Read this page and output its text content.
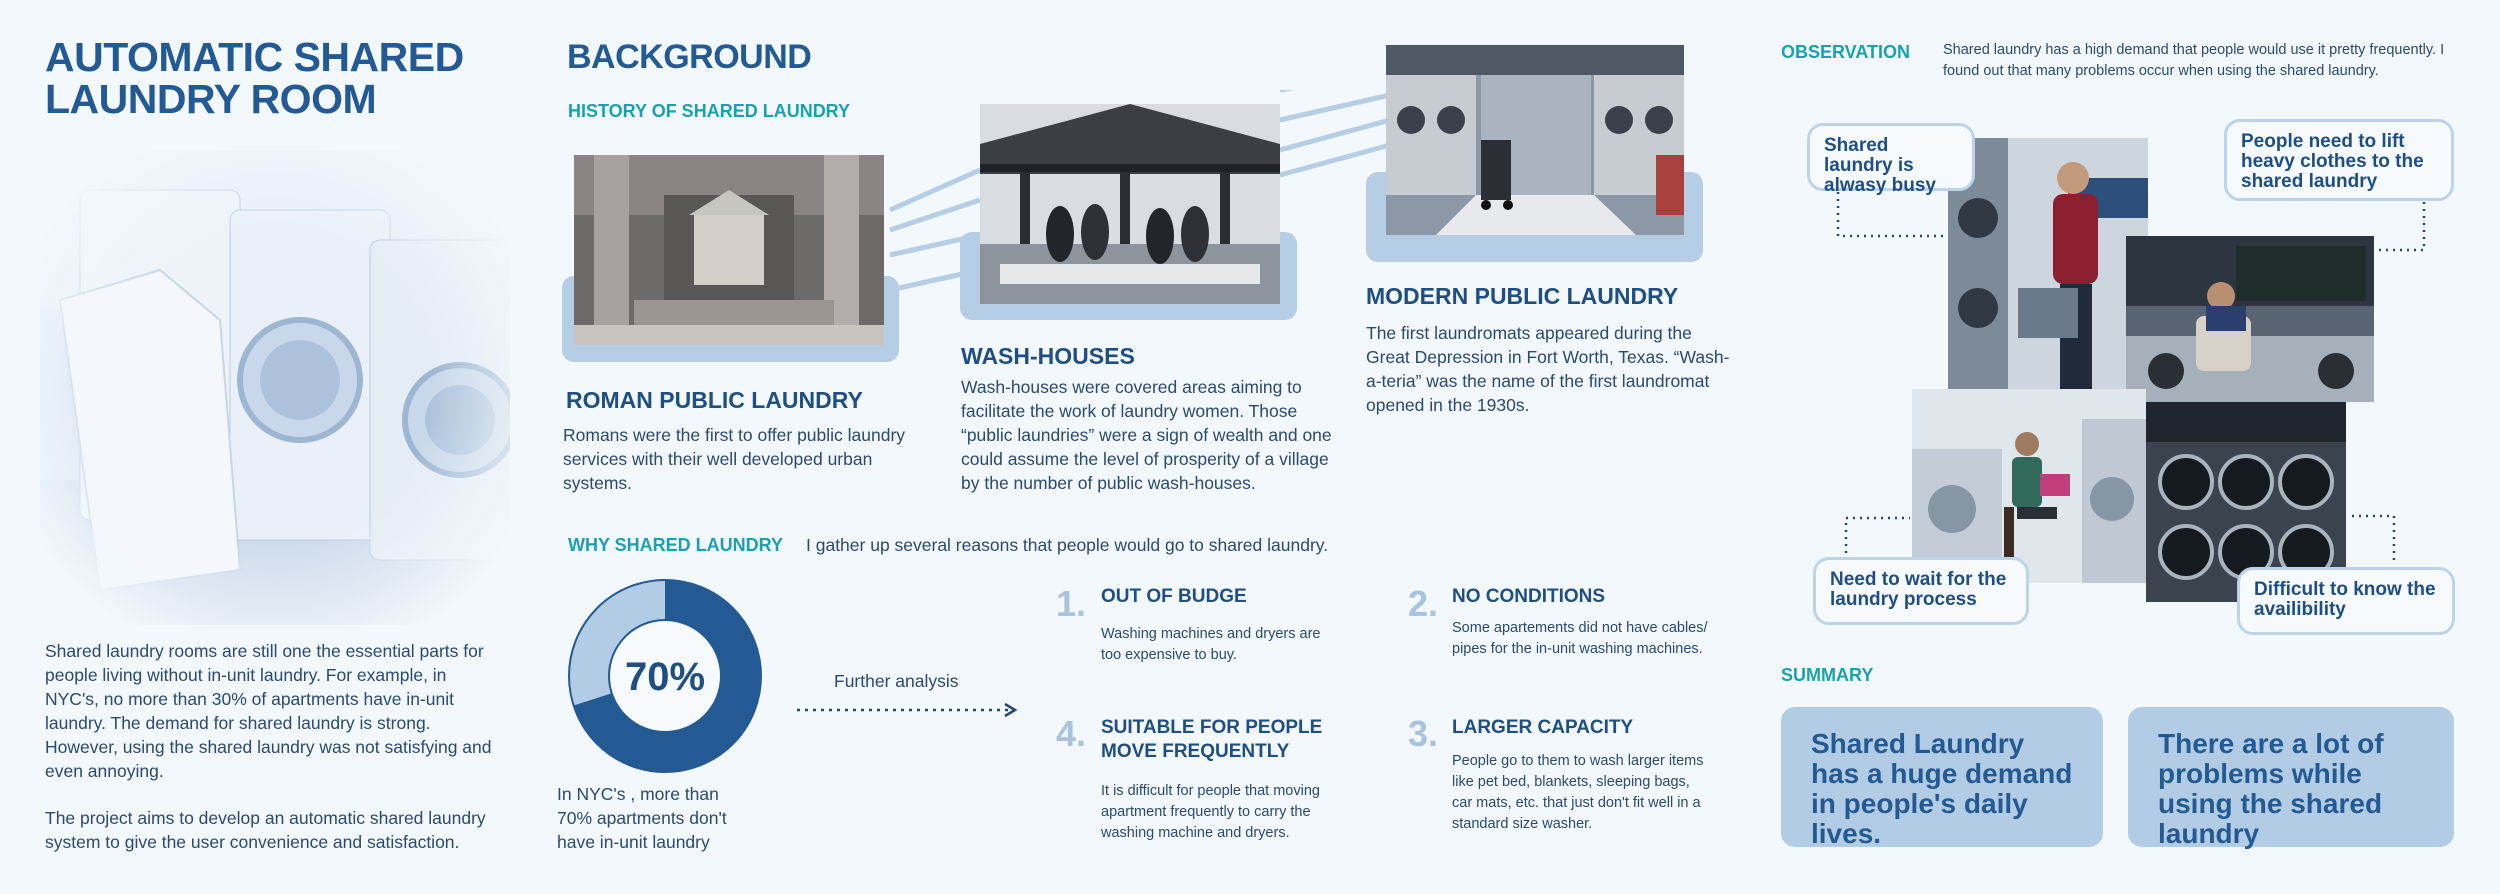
AUTOMATIC SHARED
LAUNDRY ROOM
Shared laundry rooms are still one the essential parts for people living without in-unit laundry. For example, in NYC's, no more than 30% of apartments have in-unit laundry. The demand for shared laundry is strong. However, using the shared laundry was not satisfying and even annoying.
The project aims to develop an automatic shared laundry system to give the user convenience and satisfaction.
BACKGROUND
HISTORY OF SHARED LAUNDRY
ROMAN PUBLIC LAUNDRY
Romans were the first to offer public laundry services with their well developed urban systems.
WASH-HOUSES
Wash-houses were covered areas aiming to facilitate the work of laundry women. Those “public laundries” were a sign of wealth and one could assume the level of prosperity of a village by the number of public wash-houses.
MODERN PUBLIC LAUNDRY
The first laundromats appeared during the Great Depression in Fort Worth, Texas. “Wash-a-teria” was the name of the first laundromat opened in the 1930s.
WHY SHARED LAUNDRY I gather up several reasons that people would go to shared laundry.
70%
In NYC's , more than 70% apartments don't have in-unit laundry
Further analysis
1. OUT OF BUDGE
Washing machines and dryers are too expensive to buy.
2. NO CONDITIONS
Some apartements did not have cables/ pipes for the in-unit washing machines.
4. SUITABLE FOR PEOPLE
MOVE FREQUENTLY
It is difficult for people that moving apartment frequently to carry the washing machine and dryers.
3. LARGER CAPACITY
People go to them to wash larger items like pet bed, blankets, sleeping bags, car mats, etc. that just don't fit well in a standard size washer.
OBSERVATION Shared laundry has a high demand that people would use it pretty frequently. I found out that many problems occur when using the shared laundry.
Shared laundry is alwasy busy
People need to lift heavy clothes to the shared laundry
Need to wait for the laundry process	Difficult to know the availibility
SUMMARY
Shared Laundry has a huge demand in people's daily lives.
There are a lot of problems while using the shared laundry
